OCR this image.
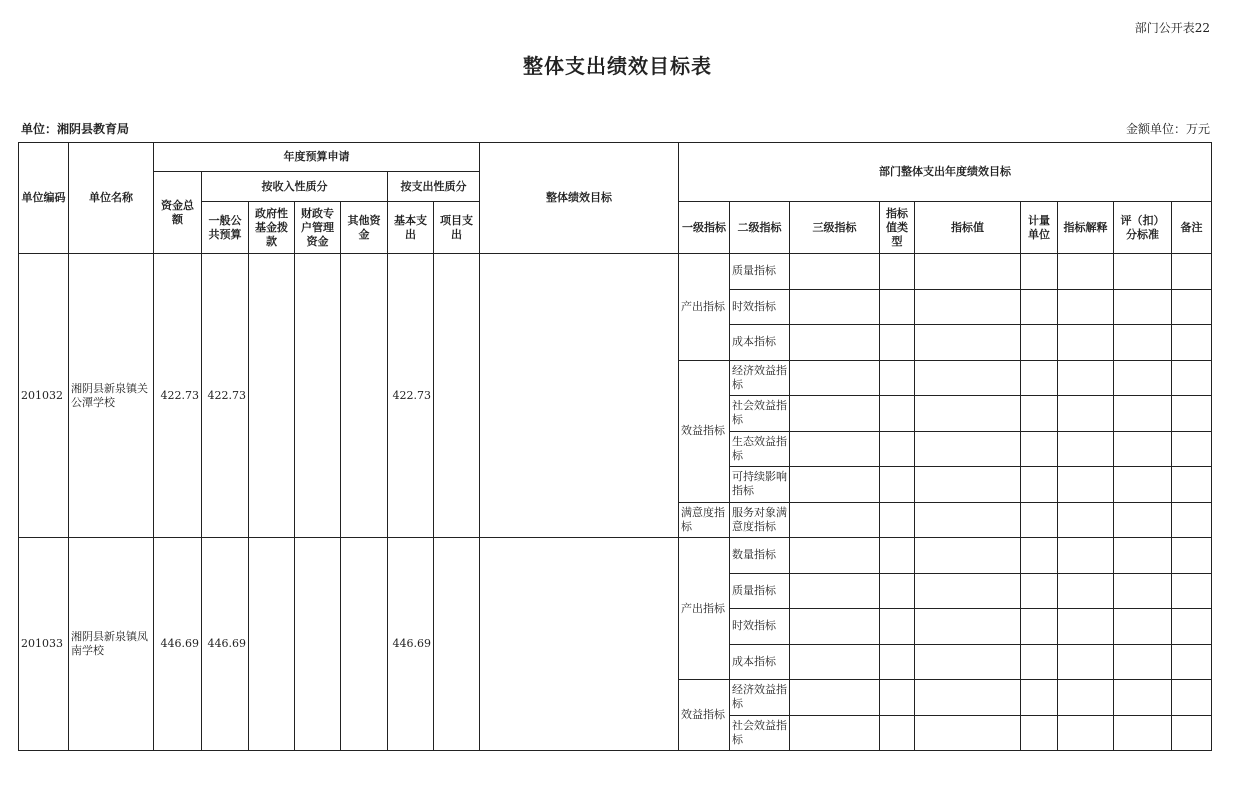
部门公开表22
整体支出绩效目标表
单位：湘阴县教育局	金额单位：万元
单位编码	单位名称	年度预算申请							整体绩效目标	部门整体支出年度绩效目标								
		资金总额	按收入性质分				按支出性质分											
			一般公共预算	政府性基金拨款	财政专户管理资金	其他资金	基本支出	项目支出		一级指标	二级指标	三级指标	指标值类型	指标值	计量单位	指标解释	评（扣）分标准	备注
201032	湘阴县新泉镇关公潭学校	422.73	422.73				422.73			产出指标	质量指标							
											时效指标							
											成本指标							
										效益指标	经济效益指标							
											社会效益指标							
											生态效益指标							
											可持续影响指标							
										满意度指标	服务对象满意度指标							
201033	湘阴县新泉镇凤南学校	446.69	446.69				446.69			产出指标	数量指标							
											质量指标							
											时效指标							
											成本指标							
										效益指标	经济效益指标							
											社会效益指标							
